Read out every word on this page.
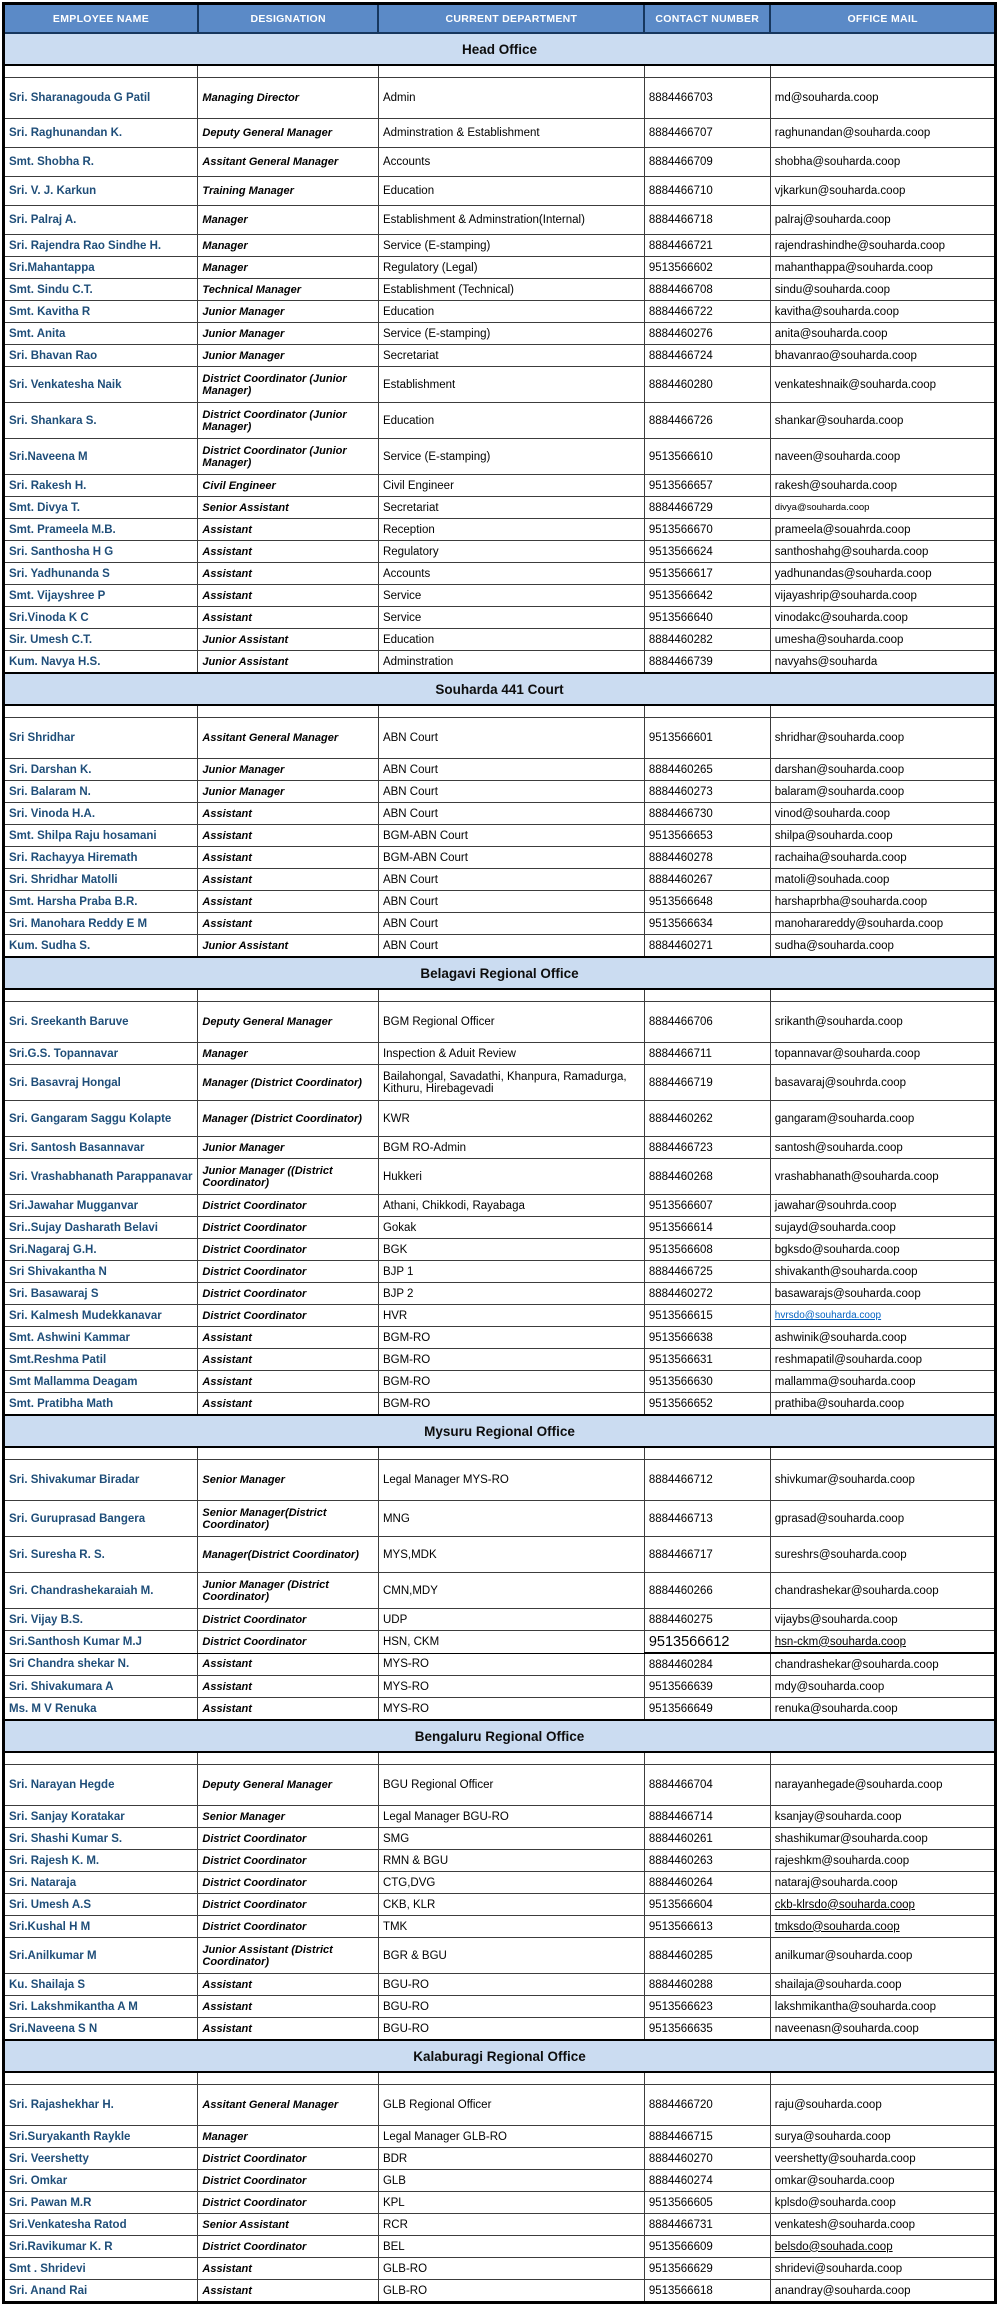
EMPLOYEE NAME	DESIGNATION	CURRENT DEPARTMENT	CONTACT NUMBER	OFFICE MAIL
Head Office				

Sri. Sharanagouda G Patil	Managing Director	Admin	8884466703	md@souharda.coop
Sri. Raghunandan K.	Deputy General Manager	Adminstration & Establishment	8884466707	raghunandan@souharda.coop
Smt. Shobha R.	Assitant General Manager	Accounts	8884466709	shobha@souharda.coop
Sri. V. J. Karkun	Training Manager	Education	8884466710	vjkarkun@souharda.coop
Sri. Palraj A.	Manager	Establishment & Adminstration(Internal)	8884466718	palraj@souharda.coop
Sri. Rajendra Rao Sindhe H.	Manager	Service (E-stamping)	8884466721	rajendrashindhe@souharda.coop
Sri.Mahantappa	Manager	Regulatory (Legal)	9513566602	mahanthappa@souharda.coop
Smt. Sindu C.T.	Technical Manager	Establishment (Technical)	8884466708	sindu@souharda.coop
Smt. Kavitha R	Junior Manager	Education	8884466722	kavitha@souharda.coop
Smt. Anita	Junior Manager	Service (E-stamping)	8884460276	anita@souharda.coop
Sri. Bhavan Rao	Junior Manager	Secretariat	8884466724	bhavanrao@souharda.coop
Sri. Venkatesha Naik	District Coordinator (Junior Manager)	Establishment	8884460280	venkateshnaik@souharda.coop
Sri. Shankara S.	District Coordinator (Junior Manager)	Education	8884466726	shankar@souharda.coop
Sri.Naveena M	District Coordinator (Junior Manager)	Service (E-stamping)	9513566610	naveen@souharda.coop
Sri. Rakesh H.	Civil Engineer	Civil Engineer	9513566657	rakesh@souharda.coop
Smt. Divya T.	Senior Assistant	Secretariat	8884466729	divya@souharda.coop
Smt. Prameela M.B.	Assistant	Reception	9513566670	prameela@souahrda.coop
Sri. Santhosha H G	Assistant	Regulatory	9513566624	santhoshahg@souharda.coop
Sri. Yadhunanda S	Assistant	Accounts	9513566617	yadhunandas@souharda.coop
Smt. Vijayshree P	Assistant	Service	9513566642	vijayashrip@souharda.coop
Sri.Vinoda K C	Assistant	Service	9513566640	vinodakc@souharda.coop
Sir. Umesh C.T.	Junior Assistant	Education	8884460282	umesha@souharda.coop
Kum. Navya H.S.	Junior Assistant	Adminstration	8884466739	navyahs@souharda
Souharda 441 Court				

Sri Shridhar	Assitant General Manager	ABN Court	9513566601	shridhar@souharda.coop
Sri. Darshan K.	Junior Manager	ABN Court	8884460265	darshan@souharda.coop
Sri. Balaram N.	Junior Manager	ABN Court	8884460273	balaram@souharda.coop
Sri. Vinoda H.A.	Assistant	ABN Court	8884466730	vinod@souharda.coop
Smt. Shilpa Raju hosamani	Assistant	BGM-ABN Court	9513566653	shilpa@souharda.coop
Sri. Rachayya Hiremath	Assistant	BGM-ABN Court	8884460278	rachaiha@souharda.coop
Sri. Shridhar Matolli	Assistant	ABN Court	8884460267	matoli@souhada.coop
Smt. Harsha Praba B.R.	Assistant	ABN Court	9513566648	harshaprbha@souharda.coop
Sri. Manohara Reddy E M	Assistant	ABN Court	9513566634	manoharareddy@souharda.coop
Kum. Sudha S.	Junior Assistant	ABN Court	8884460271	sudha@souharda.coop
Belagavi Regional Office				

Sri. Sreekanth Baruve	Deputy General Manager	BGM Regional Officer	8884466706	srikanth@souharda.coop
Sri.G.S. Topannavar	Manager	Inspection & Aduit Review	8884466711	topannavar@souharda.coop
Sri. Basavraj Hongal	Manager (District Coordinator)	Bailahongal, Savadathi, Khanpura, Ramadurga, Kithuru, Hirebagevadi	8884466719	basavaraj@souhrda.coop
Sri. Gangaram Saggu Kolapte	Manager (District Coordinator)	KWR	8884460262	gangaram@souharda.coop
Sri. Santosh Basannavar	Junior Manager	BGM RO-Admin	8884466723	santosh@souharda.coop
Sri. Vrashabhanath Parappanavar	Junior Manager ((District Coordinator)	Hukkeri	8884460268	vrashabhanath@souharda.coop
Sri.Jawahar Mugganvar	District Coordinator	Athani, Chikkodi, Rayabaga	9513566607	jawahar@souhrda.coop
Sri..Sujay Dasharath Belavi	District Coordinator	Gokak	9513566614	sujayd@souharda.coop
Sri.Nagaraj G.H.	District Coordinator	BGK	9513566608	bgksdo@souharda.coop
Sri Shivakantha N	District Coordinator	BJP 1	8884466725	shivakanth@souharda.coop
Sri. Basawaraj S	District Coordinator	BJP 2	8884460272	basawarajs@souharda.coop
Sri. Kalmesh Mudekkanavar	District Coordinator	HVR	9513566615	hvrsdo@souharda.coop
Smt. Ashwini Kammar	Assistant	BGM-RO	9513566638	ashwinik@souharda.coop
Smt.Reshma Patil	Assistant	BGM-RO	9513566631	reshmapatil@souharda.coop
Smt Mallamma Deagam	Assistant	BGM-RO	9513566630	mallamma@souharda.coop
Smt. Pratibha Math	Assistant	BGM-RO	9513566652	prathiba@souharda.coop
Mysuru Regional Office				

Sri. Shivakumar Biradar	Senior Manager	Legal Manager MYS-RO	8884466712	shivkumar@souharda.coop
Sri. Guruprasad Bangera	Senior Manager(District Coordinator)	MNG	8884466713	gprasad@souharda.coop
Sri. Suresha R. S.	Manager(District Coordinator)	MYS,MDK	8884466717	sureshrs@souharda.coop
Sri. Chandrashekaraiah M.	Junior Manager (District Coordinator)	CMN,MDY	8884460266	chandrashekar@souharda.coop
Sri. Vijay B.S.	District Coordinator	UDP	8884460275	vijaybs@souharda.coop
Sri.Santhosh Kumar M.J	District Coordinator	HSN, CKM	9513566612	hsn-ckm@souharda.coop
Sri Chandra shekar N.	Assistant	MYS-RO	8884460284	chandrashekar@souharda.coop
Sri. Shivakumara A	Assistant	MYS-RO	9513566639	mdy@souharda.coop
Ms. M V Renuka	Assistant	MYS-RO	9513566649	renuka@souharda.coop
Bengaluru Regional Office				

Sri. Narayan Hegde	Deputy General Manager	BGU Regional Officer	8884466704	narayanhegade@souharda.coop
Sri. Sanjay Koratakar	Senior Manager	Legal Manager BGU-RO	8884466714	ksanjay@souharda.coop
Sri. Shashi Kumar S.	District Coordinator	SMG	8884460261	shashikumar@souharda.coop
Sri. Rajesh K. M.	District Coordinator	RMN & BGU	8884460263	rajeshkm@souharda.coop
Sri. Nataraja	District Coordinator	CTG,DVG	8884460264	nataraj@souharda.coop
Sri. Umesh A.S	District Coordinator	CKB, KLR	9513566604	ckb-klrsdo@souharda.coop
Sri.Kushal H M	District Coordinator	TMK	9513566613	tmksdo@souharda.coop
Sri.Anilkumar M	Junior Assistant (District Coordinator)	BGR & BGU	8884460285	anilkumar@souharda.coop
Ku. Shailaja S	Assistant	BGU-RO	8884460288	shailaja@souharda.coop
Sri. Lakshmikantha A M	Assistant	BGU-RO	9513566623	lakshmikantha@souharda.coop
Sri.Naveena S N	Assistant	BGU-RO	9513566635	naveenasn@souharda.coop
Kalaburagi Regional Office				

Sri. Rajashekhar H.	Assitant General Manager	GLB Regional Officer	8884466720	raju@souharda.coop
Sri.Suryakanth Raykle	Manager	Legal Manager GLB-RO	8884466715	surya@souharda.coop
Sri. Veershetty	District Coordinator	BDR	8884460270	veershetty@souharda.coop
Sri. Omkar	District Coordinator	GLB	8884460274	omkar@souharda.coop
Sri. Pawan M.R	District Coordinator	KPL	9513566605	kplsdo@souharda.coop
Sri.Venkatesha Ratod	Senior Assistant	RCR	8884466731	venkatesh@souharda.coop
Sri.Ravikumar K. R	District Coordinator	BEL	9513566609	belsdo@souhada.coop
Smt . Shridevi	Assistant	GLB-RO	9513566629	shridevi@souharda.coop
Sri. Anand Rai	Assistant	GLB-RO	9513566618	anandray@souharda.coop
